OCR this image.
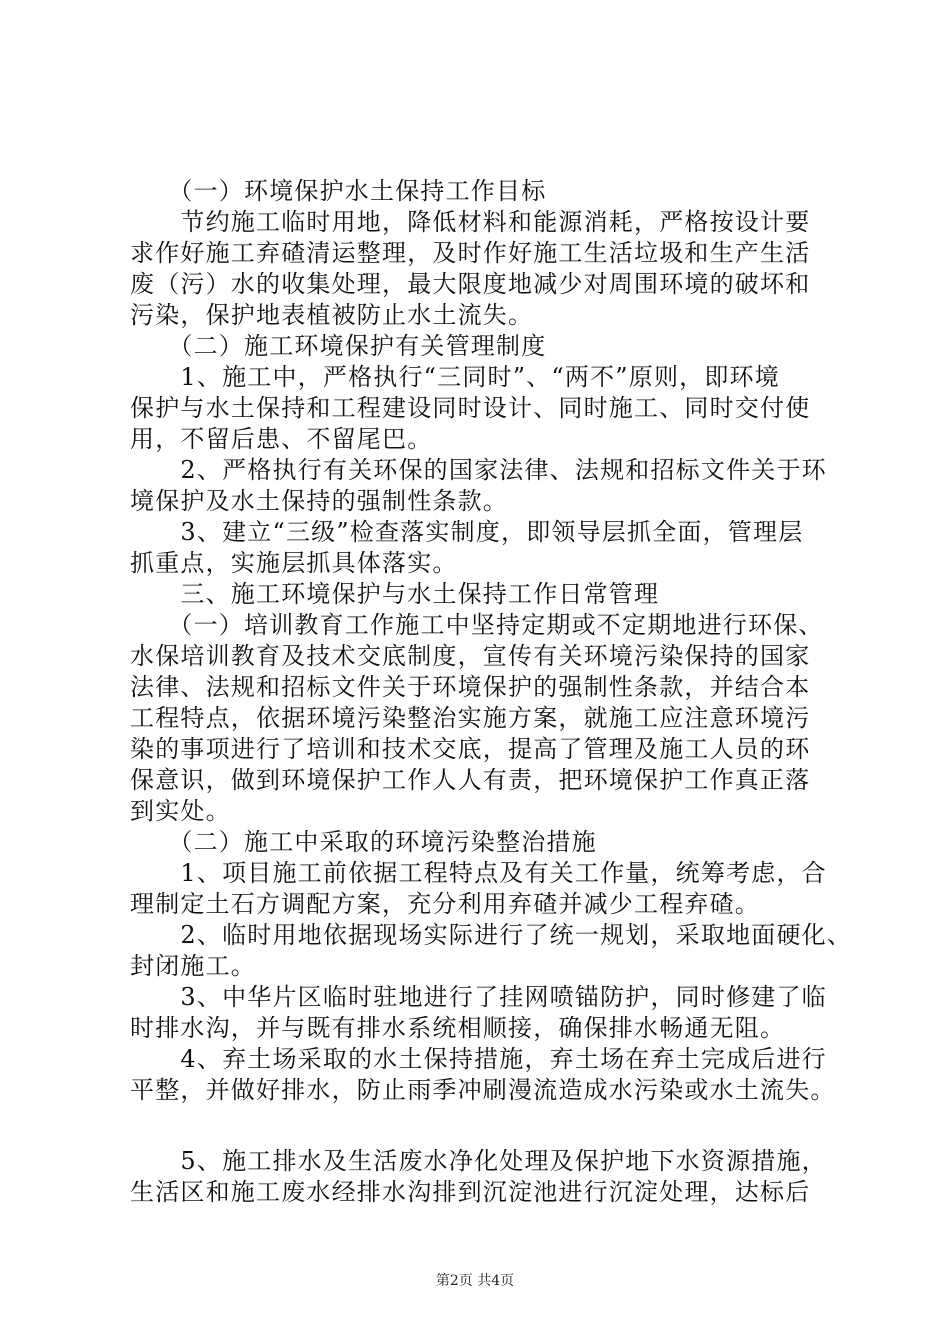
　　（一）环境保护水土保持工作目标
　　节约施工临时用地，降低材料和能源消耗，严格按设计要
求作好施工弃碴清运整理，及时作好施工生活垃圾和生产生活
废（污）水的收集处理，最大限度地减少对周围环境的破坏和
污染，保护地表植被防止水土流失。
　　（二）施工环境保护有关管理制度
　　1、施工中，严格执行“三同时”、“两不”原则，即环境
保护与水土保持和工程建设同时设计、同时施工、同时交付使
用，不留后患、不留尾巴。
　　2、严格执行有关环保的国家法律、法规和招标文件关于环
境保护及水土保持的强制性条款。
　　3、建立“三级”检查落实制度，即领导层抓全面，管理层
抓重点，实施层抓具体落实。
　　三、施工环境保护与水土保持工作日常管理
　　（一）培训教育工作施工中坚持定期或不定期地进行环保、
水保培训教育及技术交底制度，宣传有关环境污染保持的国家
法律、法规和招标文件关于环境保护的强制性条款，并结合本
工程特点，依据环境污染整治实施方案，就施工应注意环境污
染的事项进行了培训和技术交底，提高了管理及施工人员的环
保意识，做到环境保护工作人人有责，把环境保护工作真正落
到实处。
　　（二）施工中采取的环境污染整治措施
　　1、项目施工前依据工程特点及有关工作量，统筹考虑，合
理制定土石方调配方案，充分利用弃碴并减少工程弃碴。
　　2、临时用地依据现场实际进行了统一规划，采取地面硬化、
封闭施工。
　　3、中华片区临时驻地进行了挂网喷锚防护，同时修建了临
时排水沟，并与既有排水系统相顺接，确保排水畅通无阻。
　　4、弃土场采取的水土保持措施，弃土场在弃土完成后进行
平整，并做好排水，防止雨季冲刷漫流造成水污染或水土流失。
　　5、施工排水及生活废水净化处理及保护地下水资源措施，
生活区和施工废水经排水沟排到沉淀池进行沉淀处理，达标后
第2页 共4页
